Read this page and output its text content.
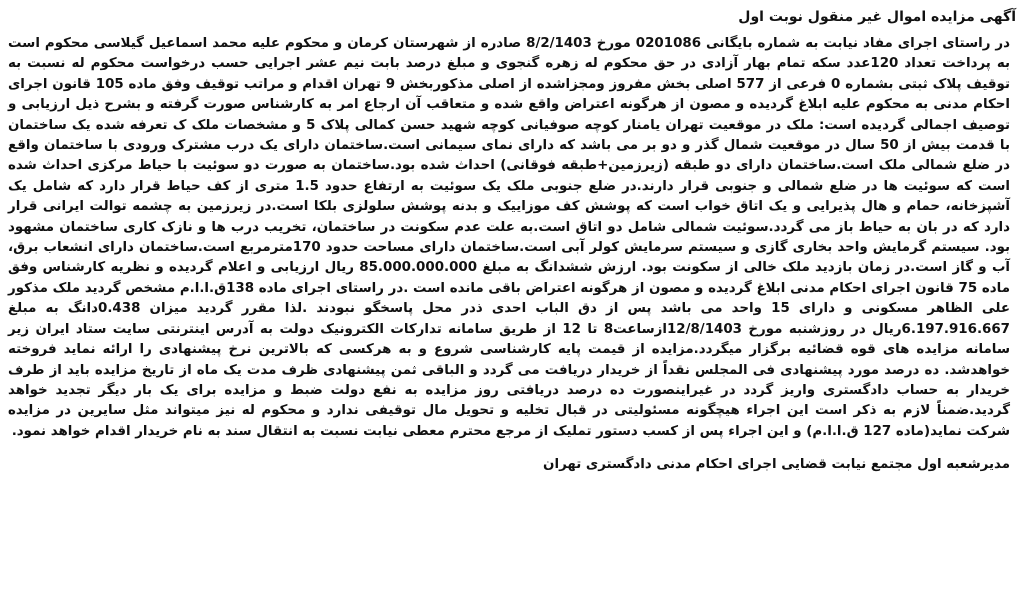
آگهی مزایده اموال غیر منقول نوبت اول

در راستای اجرای مفاد نیابت به شماره بایگانی 0201086 مورخ 8/2/1403 صادره از شهرستان کرمان و محکوم علیه محمد اسماعیل گیلاسی محکوم است به پرداخت تعداد 120عدد سکه تمام بهار آزادی در حق محکوم له زهره گنجوی و مبلغ درصد بابت نیم عشر اجرایی حسب درخواست محکوم له نسبت به توقیف پلاک ثبتی بشماره 0 فرعی از 577 اصلی بخش مفروز ومجزاشده از اصلی مذکوربخش 9 تهران اقدام و مراتب توقیف وفق ماده 105 قانون اجرای احکام مدنی به محکوم علیه ابلاغ گردیده و مصون از هرگونه اعتراض واقع شده و متعاقب آن ارجاع امر به کارشناس صورت گرفته و بشرح ذیل ارزیابی و توصیف اجمالی گردیده است: ملک در موقعیت تهران یامنار کوچه صوفیانی کوچه شهید حسن کمالی پلاک 5 و مشخصات ملک ک تعرفه شده یک ساختمان با قدمت بیش از 50 سال در موقعیت شمال گذر و دو بر می باشد که دارای نمای سیمانی است.ساختمان دارای یک درب مشترک ورودی با ساختمان واقع در ضلع شمالی ملک است.ساختمان دارای دو طبقه (زیرزمین+طبقه فوقانی) احداث شده بود.ساختمان به صورت دو سوئیت با حیاط مرکزی احداث شده است که سوئیت ها در ضلع شمالی و جنوبی قرار دارند.در ضلع جنوبی ملک یک سوئیت به ارتفاع حدود 1.5 متری از کف حیاط قرار دارد که شامل یک آشپزخانه، حمام و هال پذیرایی و یک اتاق خواب است که پوشش کف موزاییک و بدنه پوشش سلولزی بلکا است.در زیرزمین به چشمه توالت ایرانی قرار دارد که در بان به حیاط باز می گردد.سوئیت شمالی شامل دو اتاق است.به علت عدم سکونت در ساختمان، تخریب درب ها و نازک کاری ساختمان مشهود بود. سیستم گرمایش واحد بخاری گازی و سیستم سرمایش کولر آبی است.ساختمان دارای مساحت حدود 170مترمربع است.ساختمان دارای انشعاب برق، آب و گاز است.در زمان بازدید ملک خالی از سکونت بود. ارزش ششدانگ به مبلغ 85.000.000.000 ریال ارزیابی و اعلام گردیده و نظریه کارشناس وفق ماده 75 قانون اجرای احکام مدنی ابلاغ گردیده و مصون از هرگونه اعتراض باقی مانده است .در راستای اجرای ماده 138ق.ا.ا.م مشخص گردید ملک مذکور علی الظاهر مسکونی و دارای 15 واحد می باشد پس از دق الباب احدی ذدر محل پاسخگو نبودند .لذا مقرر گردید میزان 0.438دانگ به مبلغ 6.197.916.667ریال در روزشنبه مورخ 12/8/1403ازساعت8 تا 12 از طریق سامانه تدارکات الکترونیک دولت به آدرس اینترنتی سایت ستاد ایران زیر سامانه مزایده های قوه قضائیه برگزار میگردد.مزایده از قیمت پایه کارشناسی شروع و به هرکسی که بالاترین نرخ پیشنهادی را ارائه نماید فروخته خواهدشد. ده درصد مورد پیشنهادی فی المجلس نقداً از خریدار دریافت می گردد و الباقی ثمن پیشنهادی ظرف مدت یک ماه از تاریخ مزایده باید از طرف خریدار به حساب دادگستری واریز گردد در غیراینصورت ده درصد دریافتی روز مزایده به نفع دولت ضبط و مزایده برای یک بار دیگر تجدید خواهد گردید.ضمناً لازم به ذکر است این اجراء هیچگونه مسئولیتی در قبال تخلیه و تحویل مال توقیفی ندارد و محکوم له نیز میتواند مثل سایرین در مزایده شرکت نماید(ماده 127 ق.ا.ا.م) و این اجراء پس از کسب دستور تملیک از مرجع محترم معطی نیابت نسبت به انتقال سند به نام خریدار اقدام خواهد نمود.

مدیرشعبه اول مجتمع نیابت قضایی اجرای احکام مدنی دادگستری تهران
